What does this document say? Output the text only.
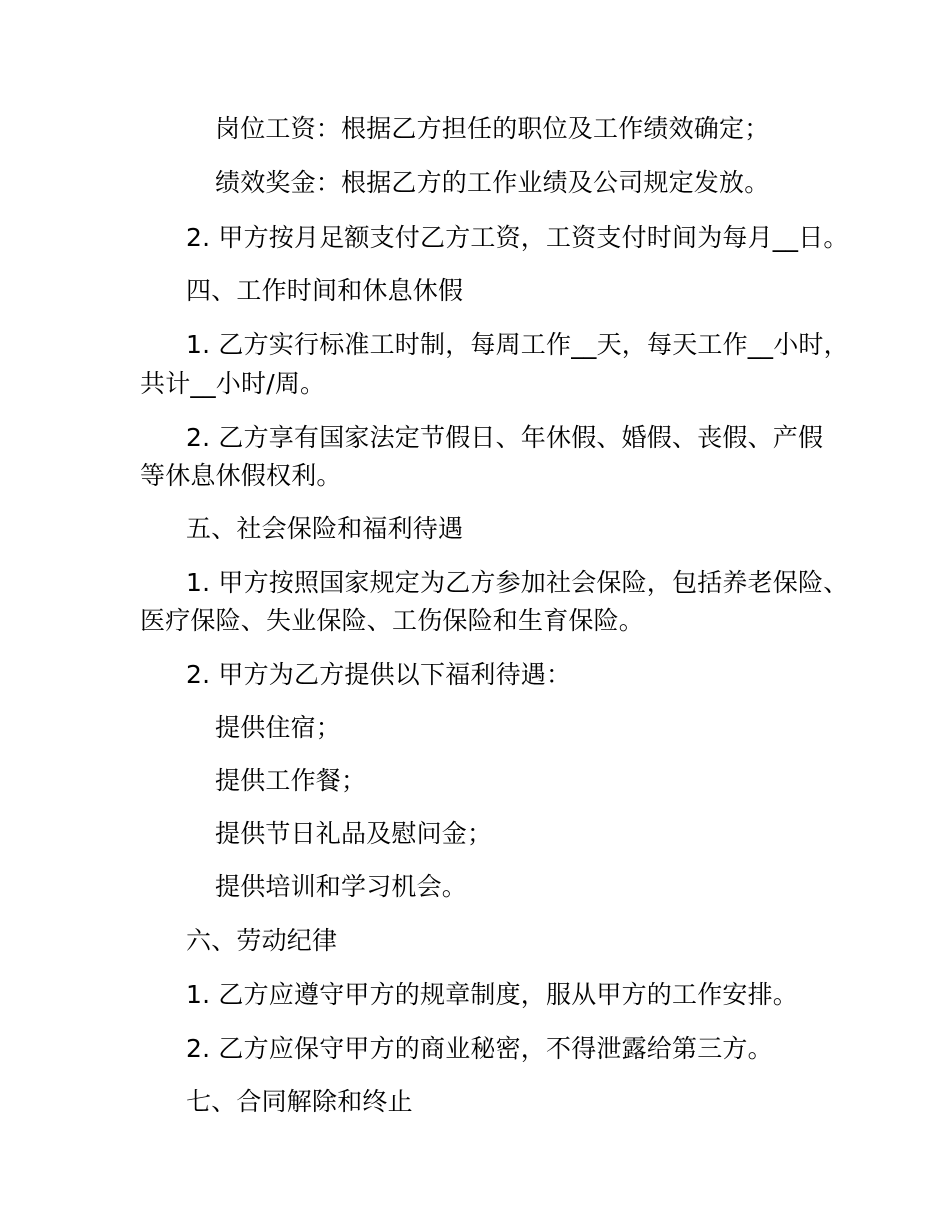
岗位工资：根据乙方担任的职位及工作绩效确定；
绩效奖金：根据乙方的工作业绩及公司规定发放。
2. 甲方按月足额支付乙方工资，工资支付时间为每月__日。
四、工作时间和休息休假
1. 乙方实行标准工时制，每周工作__天，每天工作__小时，
共计__小时/周。
2. 乙方享有国家法定节假日、年休假、婚假、丧假、产假
等休息休假权利。
五、社会保险和福利待遇
1. 甲方按照国家规定为乙方参加社会保险，包括养老保险、
医疗保险、失业保险、工伤保险和生育保险。
2. 甲方为乙方提供以下福利待遇：
提供住宿；
提供工作餐；
提供节日礼品及慰问金；
提供培训和学习机会。
六、劳动纪律
1. 乙方应遵守甲方的规章制度，服从甲方的工作安排。
2. 乙方应保守甲方的商业秘密，不得泄露给第三方。
七、合同解除和终止
